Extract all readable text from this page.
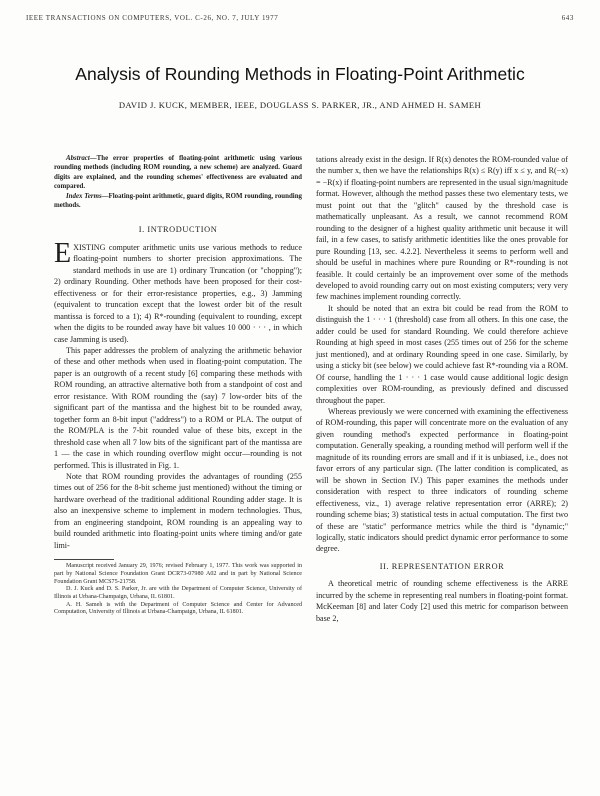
IEEE TRANSACTIONS ON COMPUTERS, VOL. C-26, NO. 7, JULY 1977	643
Analysis of Rounding Methods in Floating-Point Arithmetic
DAVID J. KUCK, MEMBER, IEEE, DOUGLASS S. PARKER, JR., AND AHMED H. SAMEH

Abstract—The error properties of floating-point arithmetic using various rounding methods (including ROM rounding, a new scheme) are analyzed. Guard digits are explained, and the rounding schemes' effectiveness are evaluated and compared.

Index Terms—Floating-point arithmetic, guard digits, ROM rounding, rounding methods.

I. INTRODUCTION

EXISTING computer arithmetic units use various methods to reduce floating-point numbers to shorter precision approximations. The standard methods in use are 1) ordinary Truncation (or "chopping"); 2) ordinary Rounding. Other methods have been proposed for their cost-effectiveness or for their error-resistance properties, e.g., 3) Jamming (equivalent to truncation except that the lowest order bit of the result mantissa is forced to a 1); 4) R*-rounding (equivalent to rounding, except when the digits to be rounded away have bit values 10 000 · · · , in which case Jamming is used).

This paper addresses the problem of analyzing the arithmetic behavior of these and other methods when used in floating-point computation. The paper is an outgrowth of a recent study [6] comparing these methods with ROM rounding, an attractive alternative both from a standpoint of cost and error resistance. With ROM rounding the (say) 7 low-order bits of the significant part of the mantissa and the highest bit to be rounded away, together form an 8-bit input ("address") to a ROM or PLA. The output of the ROM/PLA is the 7-bit rounded value of these bits, except in the threshold case when all 7 low bits of the significant part of the mantissa are 1 — the case in which rounding overflow might occur—rounding is not performed. This is illustrated in Fig. 1.

Note that ROM rounding provides the advantages of rounding (255 times out of 256 for the 8-bit scheme just mentioned) without the timing or hardware overhead of the traditional additional Rounding adder stage. It is also an inexpensive scheme to implement in modern technologies. Thus, from an engineering standpoint, ROM rounding is an appealing way to build rounded arithmetic into floating-point units where timing and/or gate limi-

Manuscript received January 29, 1976; revised February 1, 1977. This work was supported in part by National Science Foundation Grant DCR73-07980 A02 and in part by National Science Foundation Grant MCS75-21758.

D. J. Kuck and D. S. Parker, Jr. are with the Department of Computer Science, University of Illinois at Urbana-Champaign, Urbana, IL 61801.

A. H. Sameh is with the Department of Computer Science and Center for Advanced Computation, University of Illinois at Urbana-Champaign, Urbana, IL 61801.

tations already exist in the design. If R(x) denotes the ROM-rounded value of the number x, then we have the relationships R(x) ≤ R(y) iff x ≤ y, and R(−x) = −R(x) if floating-point numbers are represented in the usual sign/magnitude format. However, although the method passes these two elementary tests, we must point out that the "glitch" caused by the threshold case is mathematically unpleasant. As a result, we cannot recommend ROM rounding to the designer of a highest quality arithmetic unit because it will fail, in a few cases, to satisfy arithmetic identities like the ones provable for pure Rounding [13, sec. 4.2.2]. Nevertheless it seems to perform well and should be useful in machines where pure Rounding or R*-rounding is not feasible. It could certainly be an improvement over some of the methods developed to avoid rounding carry out on most existing computers; very very few machines implement rounding correctly.

It should be noted that an extra bit could be read from the ROM to distinguish the 1 · · · 1 (threshold) case from all others. In this one case, the adder could be used for standard Rounding. We could therefore achieve Rounding at high speed in most cases (255 times out of 256 for the scheme just mentioned), and at ordinary Rounding speed in one case. Similarly, by using a sticky bit (see below) we could achieve fast R*-rounding via a ROM. Of course, handling the 1 · · · 1 case would cause additional logic design complexities over ROM-rounding, as previously defined and discussed throughout the paper.

Whereas previously we were concerned with examining the effectiveness of ROM-rounding, this paper will concentrate more on the evaluation of any given rounding method's expected performance in floating-point computation. Generally speaking, a rounding method will perform well if the magnitude of its rounding errors are small and if it is unbiased, i.e., does not favor errors of any particular sign. (The latter condition is complicated, as will be shown in Section IV.) This paper examines the methods under consideration with respect to three indicators of rounding scheme effectiveness, viz., 1) average relative representation error (ARRE); 2) rounding scheme bias; 3) statistical tests in actual computation. The first two of these are "static" performance metrics while the third is "dynamic;" logically, static indicators should predict dynamic error performance to some degree.

II. REPRESENTATION ERROR

A theoretical metric of rounding scheme effectiveness is the ARRE incurred by the scheme in representing real numbers in floating-point format. McKeeman [8] and later Cody [2] used this metric for comparison between base 2,
